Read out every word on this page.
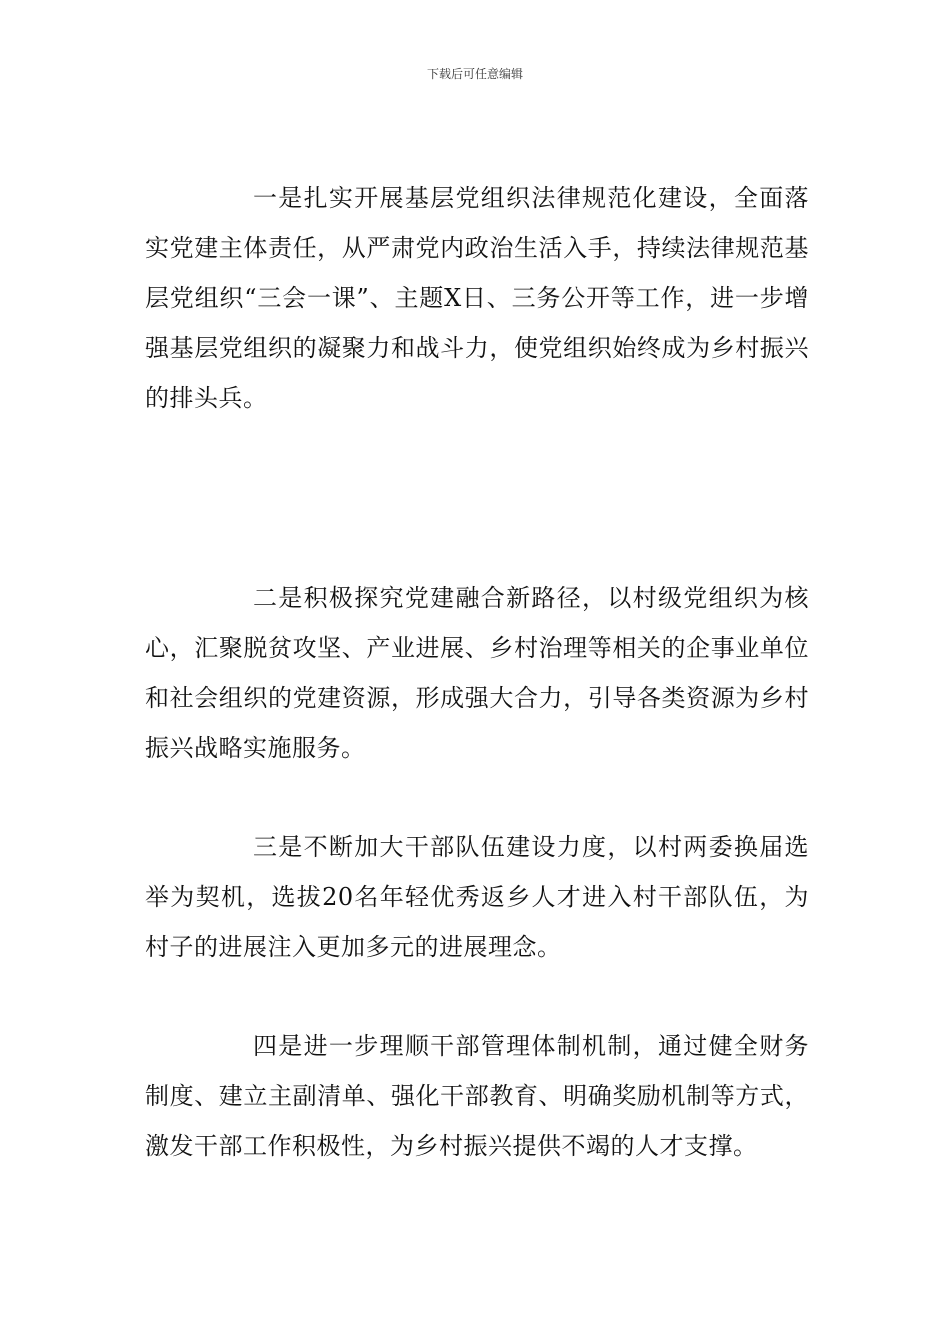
下载后可任意编辑

一是扎实开展基层党组织法律规范化建设，全面落实党建主体责任，从严肃党内政治生活入手，持续法律规范基层党组织“三会一课”、主题X日、三务公开等工作，进一步增强基层党组织的凝聚力和战斗力，使党组织始终成为乡村振兴的排头兵。

二是积极探究党建融合新路径，以村级党组织为核心，汇聚脱贫攻坚、产业进展、乡村治理等相关的企事业单位和社会组织的党建资源，形成强大合力，引导各类资源为乡村振兴战略实施服务。

三是不断加大干部队伍建设力度，以村两委换届选举为契机，选拔20名年轻优秀返乡人才进入村干部队伍，为村子的进展注入更加多元的进展理念。

四是进一步理顺干部管理体制机制，通过健全财务制度、建立主副清单、强化干部教育、明确奖励机制等方式，激发干部工作积极性，为乡村振兴提供不竭的人才支撑。
